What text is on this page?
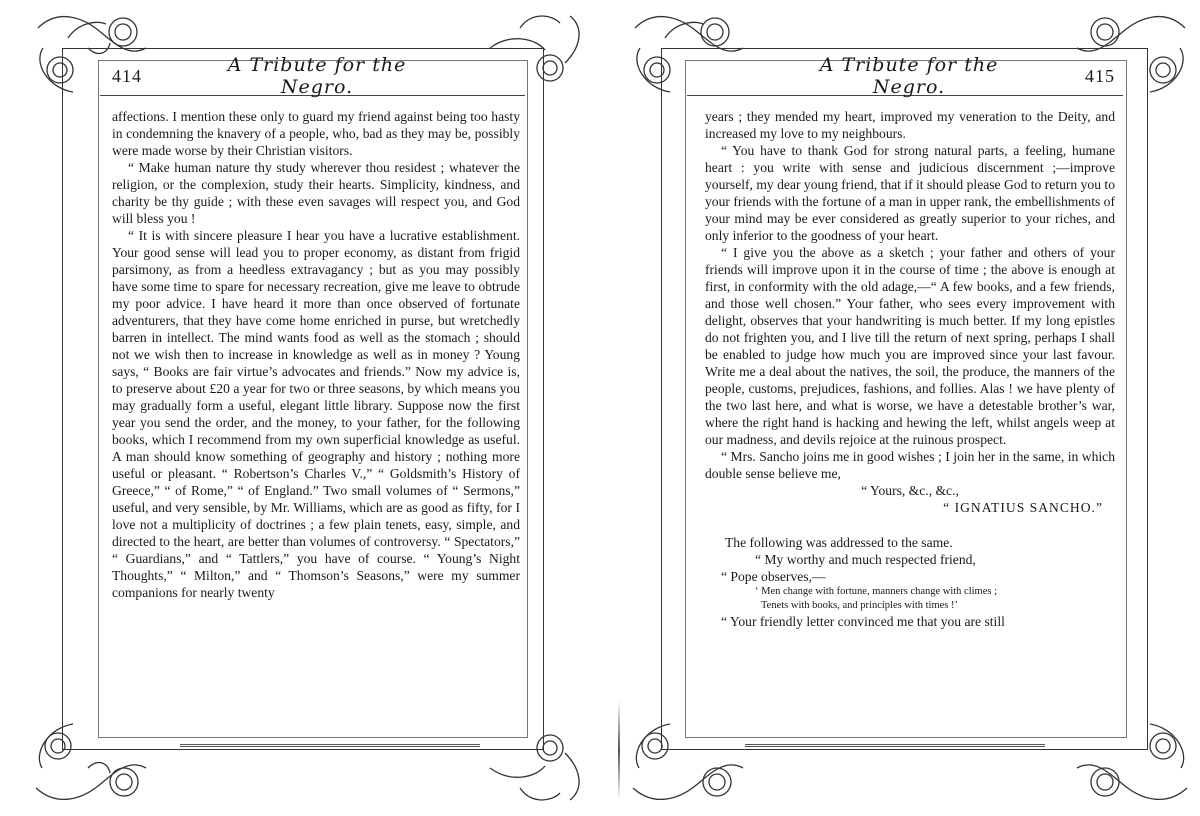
414	A Tribute for the Negro.

affections. I mention these only to guard my friend against being too hasty in condemning the knavery of a people, who, bad as they may be, possibly were made worse by their Christian visitors.

“ Make human nature thy study wherever thou residest ; whatever the religion, or the complexion, study their hearts. Simplicity, kindness, and charity be thy guide ; with these even savages will respect you, and God will bless you !

“ It is with sincere pleasure I hear you have a lucrative establishment. Your good sense will lead you to proper economy, as distant from frigid parsimony, as from a heedless extravagancy ; but as you may possibly have some time to spare for necessary recreation, give me leave to obtrude my poor advice. I have heard it more than once observed of fortunate adventurers, that they have come home enriched in purse, but wretchedly barren in intellect. The mind wants food as well as the stomach ; should not we wish then to increase in knowledge as well as in money ? Young says, “ Books are fair virtue’s advocates and friends.” Now my advice is, to preserve about £20 a year for two or three seasons, by which means you may gradually form a useful, elegant little library. Suppose now the first year you send the order, and the money, to your father, for the following books, which I recommend from my own superficial knowledge as useful. A man should know something of geography and history ; nothing more useful or pleasant. “ Robertson’s Charles V.,” “ Goldsmith’s History of Greece,” “ of Rome,” “ of England.” Two small volumes of “ Sermons,” useful, and very sensible, by Mr. Williams, which are as good as fifty, for I love not a multiplicity of doctrines ; a few plain tenets, easy, simple, and directed to the heart, are better than volumes of controversy. “ Spectators,” “ Guardians,” and “ Tattlers,” you have of course. “ Young’s Night Thoughts,” “ Milton,” and “ Thomson’s Seasons,” were my summer companions for nearly twenty

A Tribute for the Negro.
415

years ; they mended my heart, improved my veneration to the Deity, and increased my love to my neighbours.

“ You have to thank God for strong natural parts, a feeling, humane heart : you write with sense and judicious discernment ;—improve yourself, my dear young friend, that if it should please God to return you to your friends with the fortune of a man in upper rank, the embellishments of your mind may be ever considered as greatly superior to your riches, and only inferior to the goodness of your heart.

“ I give you the above as a sketch ; your father and others of your friends will improve upon it in the course of time ; the above is enough at first, in conformity with the old adage,—“ A few books, and a few friends, and those well chosen.” Your father, who sees every improvement with delight, observes that your handwriting is much better. If my long epistles do not frighten you, and I live till the return of next spring, perhaps I shall be enabled to judge how much you are improved since your last favour. Write me a deal about the natives, the soil, the produce, the manners of the people, customs, prejudices, fashions, and follies. Alas ! we have plenty of the two last here, and what is worse, we have a detestable brother’s war, where the right hand is hacking and hewing the left, whilst angels weep at our madness, and devils rejoice at the ruinous prospect.

“ Mrs. Sancho joins me in good wishes ; I join her in the same, in which double sense believe me,

“ Yours, &c., &c.,
“ IGNATIUS SANCHO.”

The following was addressed to the same.

“ My worthy and much respected friend,

“ Pope observes,—

‘ Men change with fortune, manners change with climes ;
Tenets with books, and principles with times !’

“ Your friendly letter convinced me that you are still
